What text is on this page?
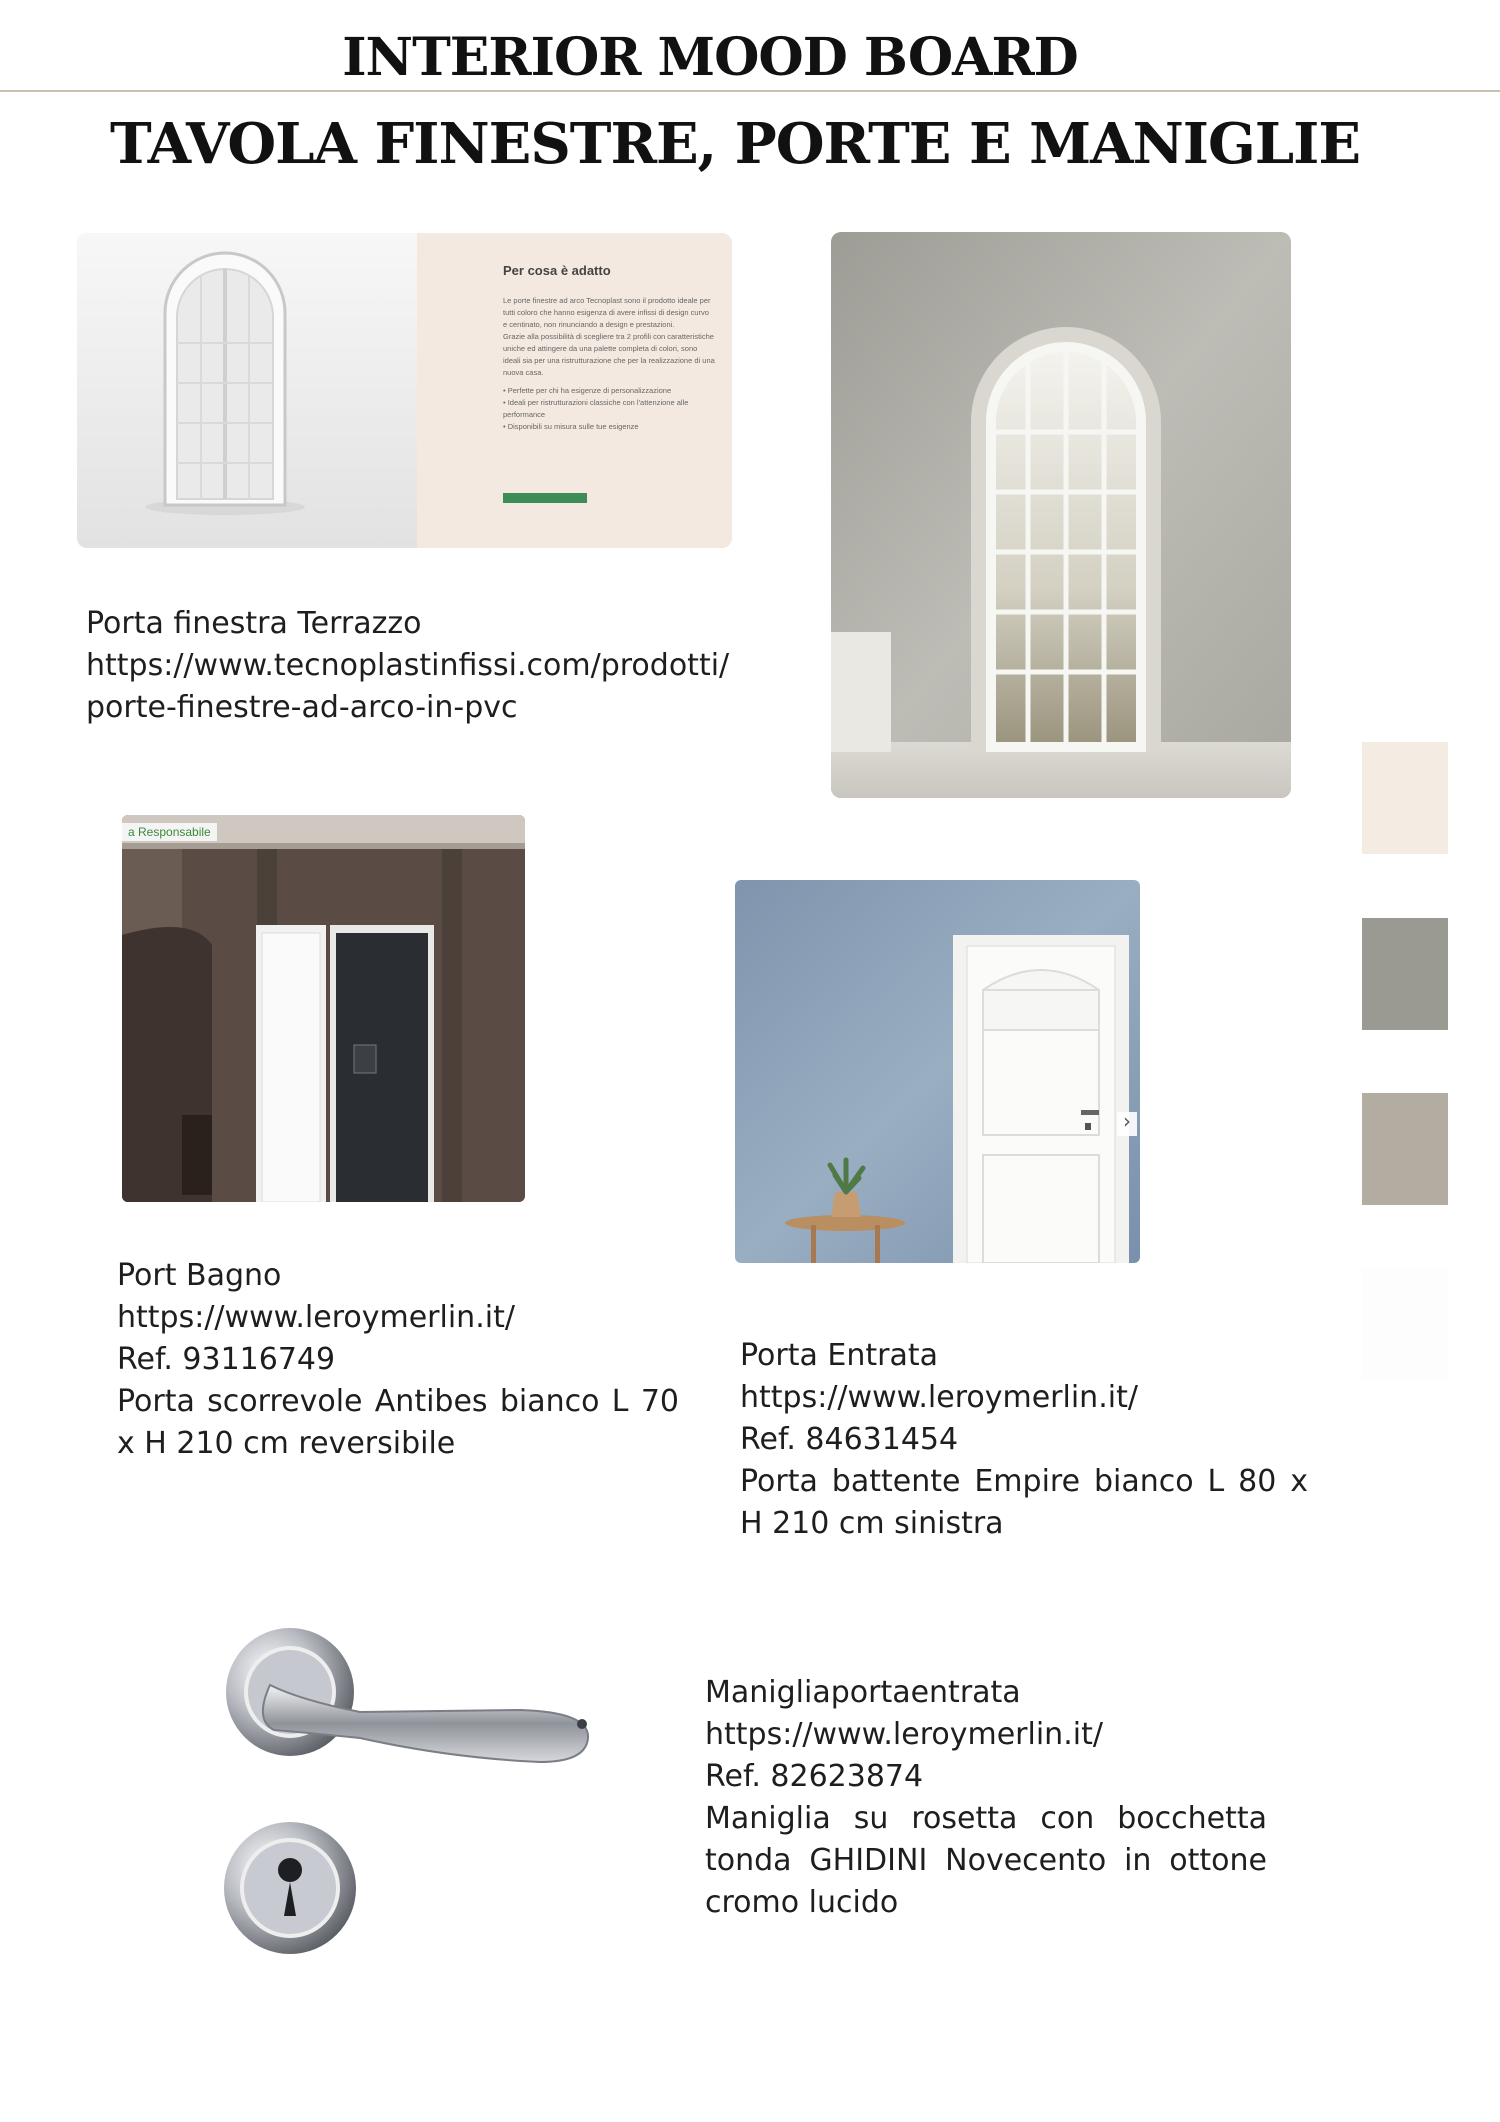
INTERIOR MOOD BOARD
TAVOLA FINESTRE, PORTE E MANIGLIE
Per cosa è adatto
Le porte finestre ad arco Tecnoplast sono il prodotto ideale per tutti coloro che hanno esigenza di avere infissi di design curvo e centinato, non rinunciando a design e prestazioni.
Grazie alla possibilità di scegliere tra 2 profili con caratteristiche uniche ed attingere da una palette completa di colori, sono ideali sia per una ristrutturazione che per la realizzazione di una nuova casa.
• Perfette per chi ha esigenze di personalizzazione
• Ideali per ristrutturazioni classiche con l'attenzione alle performance
• Disponibili su misura sulle tue esigenze
Porta finestra Terrazzo
https://www.tecnoplastinfissi.com/prodotti/
porte-finestre-ad-arco-in-pvc
a Responsabile
Port Bagno
https://www.leroymerlin.it/
Ref. 93116749
Porta scorrevole Antibes bianco L 70 x H 210 cm reversibile
›
Porta Entrata
https://www.leroymerlin.it/
Ref. 84631454
Porta battente Empire bianco L 80 x H 210 cm sinistra
Manigliaportaentrata
https://www.leroymerlin.it/
Ref. 82623874
Maniglia su rosetta con bocchetta tonda GHIDINI Novecento in ottone cromo lucido
